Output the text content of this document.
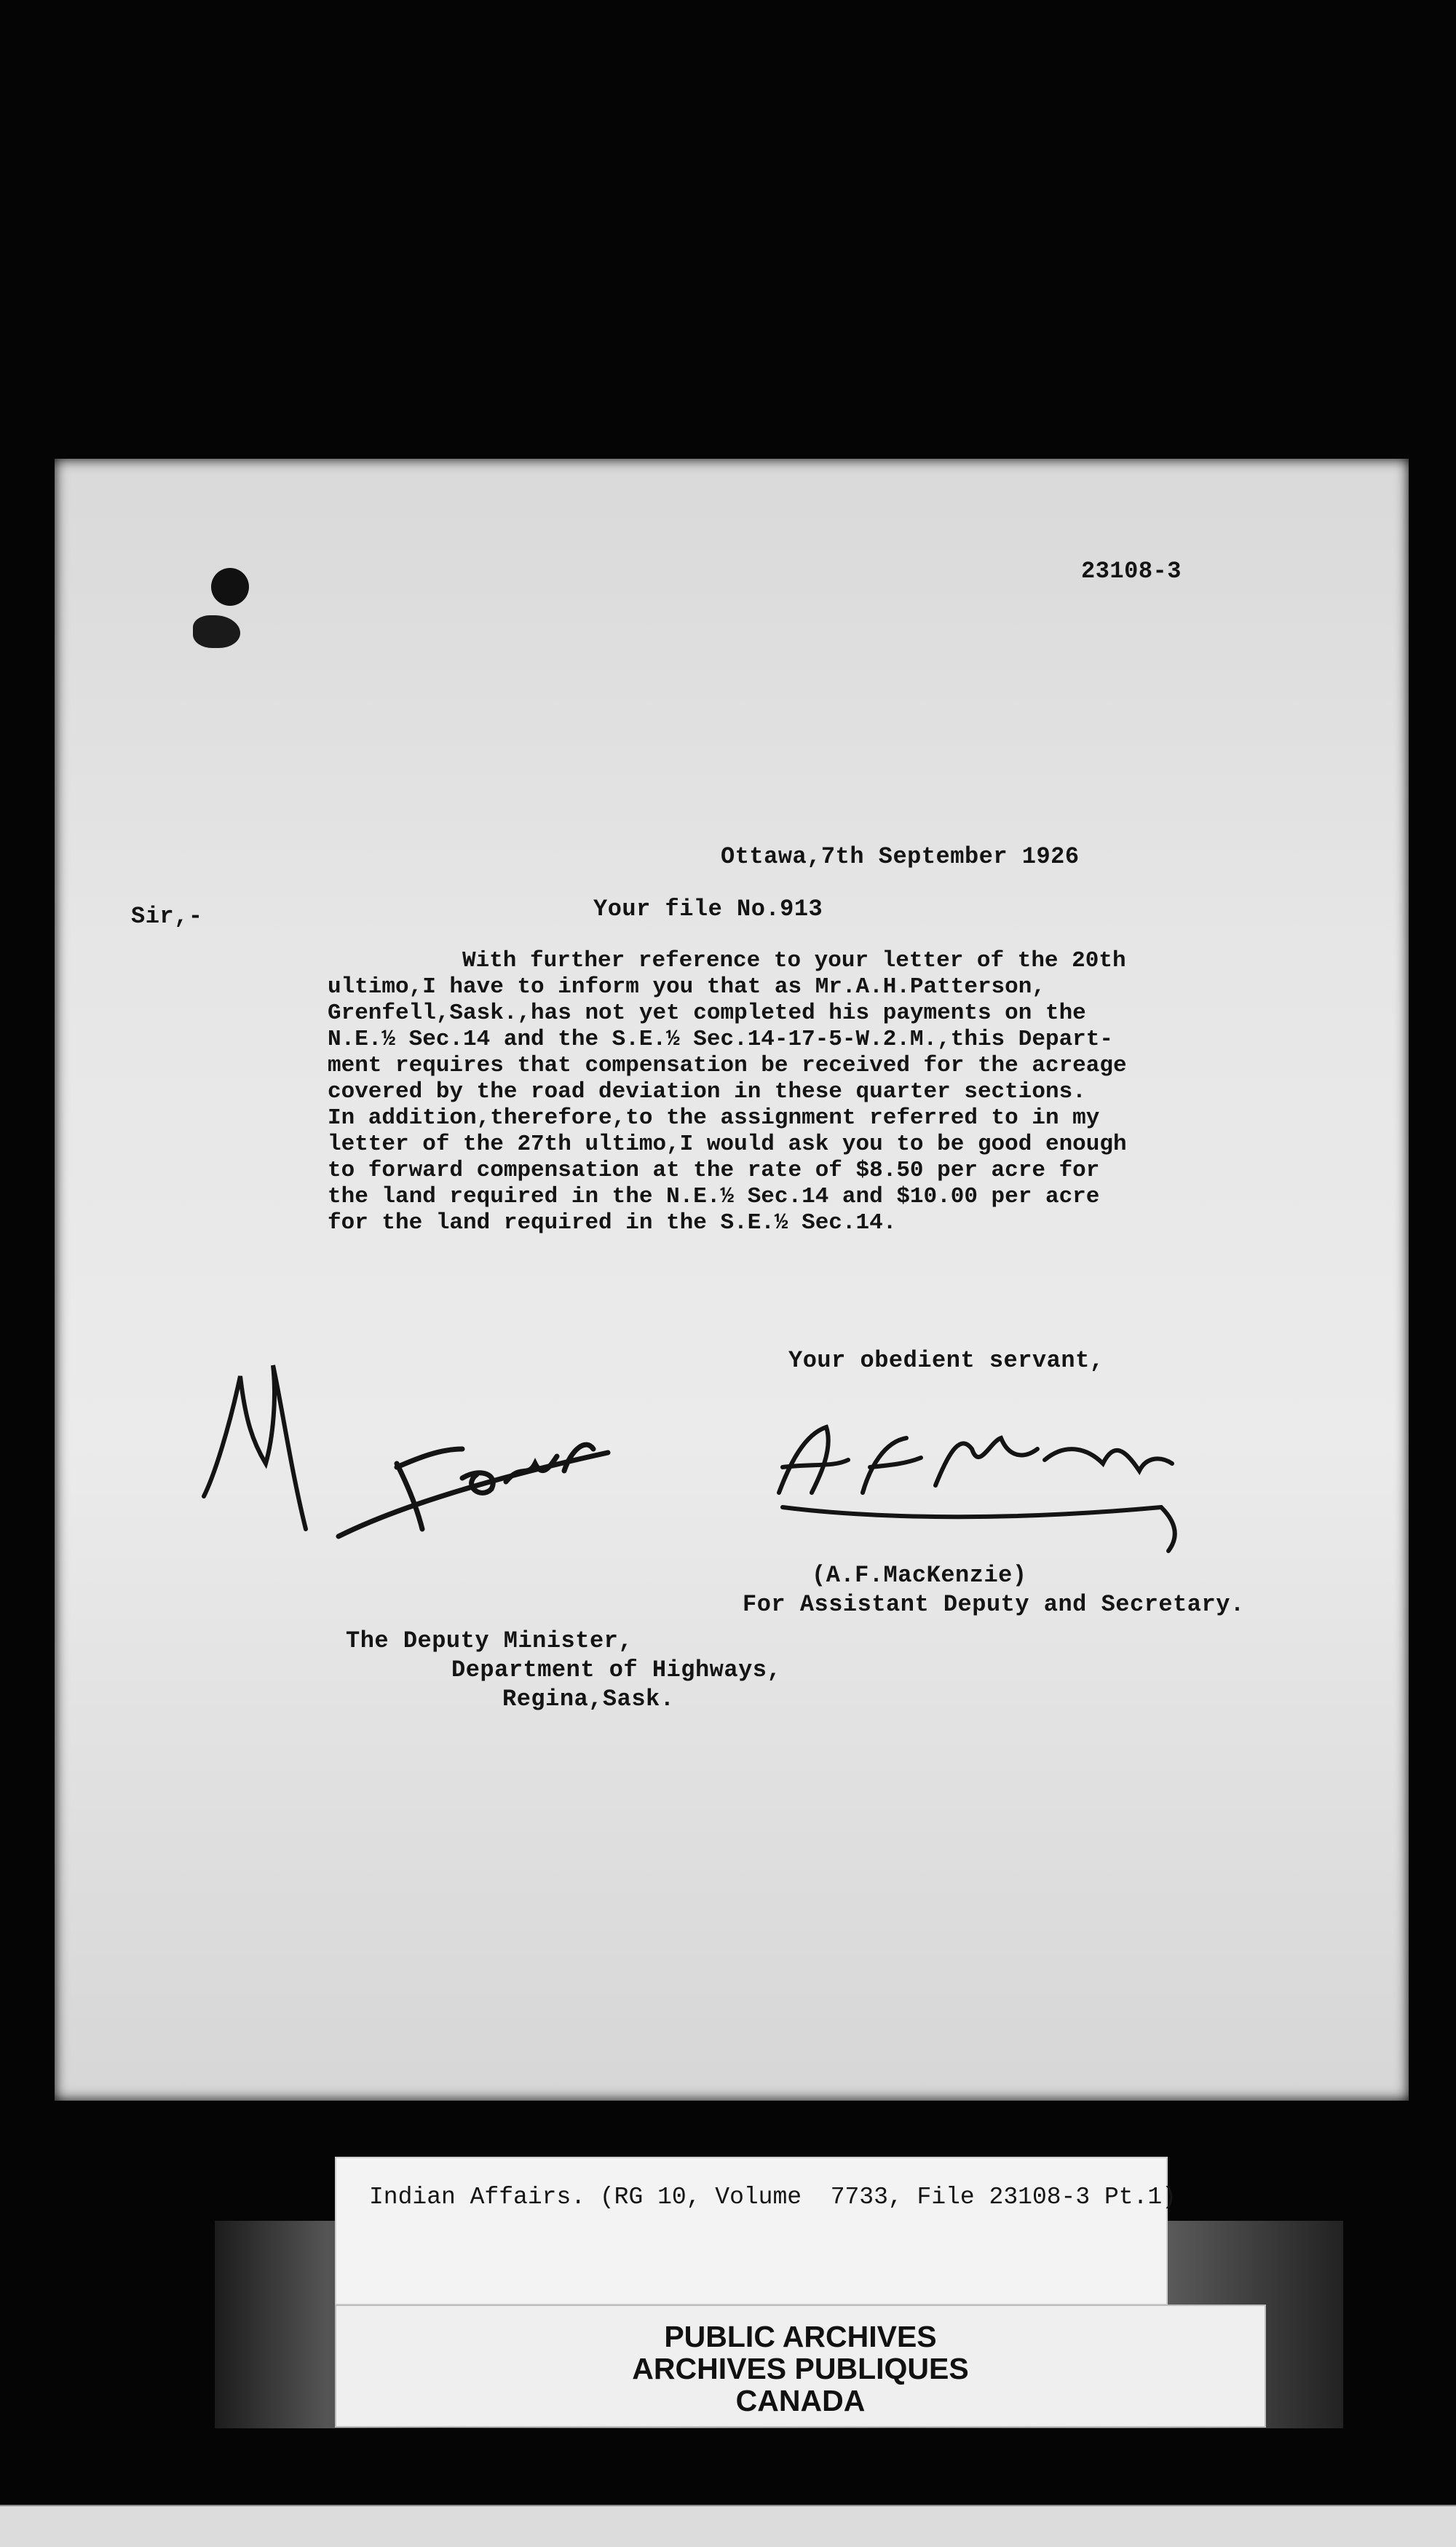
23108-3
Ottawa,7th September 1926
Sir,-	Your file No.913
With further reference to your letter of the 20th
ultimo,I have to inform you that as Mr.A.H.Patterson,
Grenfell,Sask.,has not yet completed his payments on the
N.E.½ Sec.14 and the S.E.½ Sec.14-17-5-W.2.M.,this Depart-
ment requires that compensation be received for the acreage
covered by the road deviation in these quarter sections.
In addition,therefore,to the assignment referred to in my
letter of the 27th ultimo,I would ask you to be good enough
to forward compensation at the rate of $8.50 per acre for
the land required in the N.E.½ Sec.14 and $10.00 per acre
for the land required in the S.E.½ Sec.14.
Your obedient servant,
(A.F.MacKenzie)
For Assistant Deputy and Secretary.
The Deputy Minister,
Department of Highways,
Regina,Sask.
Indian Affairs. (RG 10, Volume  7733, File 23108-3 Pt.1)
PUBLIC ARCHIVES
ARCHIVES PUBLIQUES
CANADA
